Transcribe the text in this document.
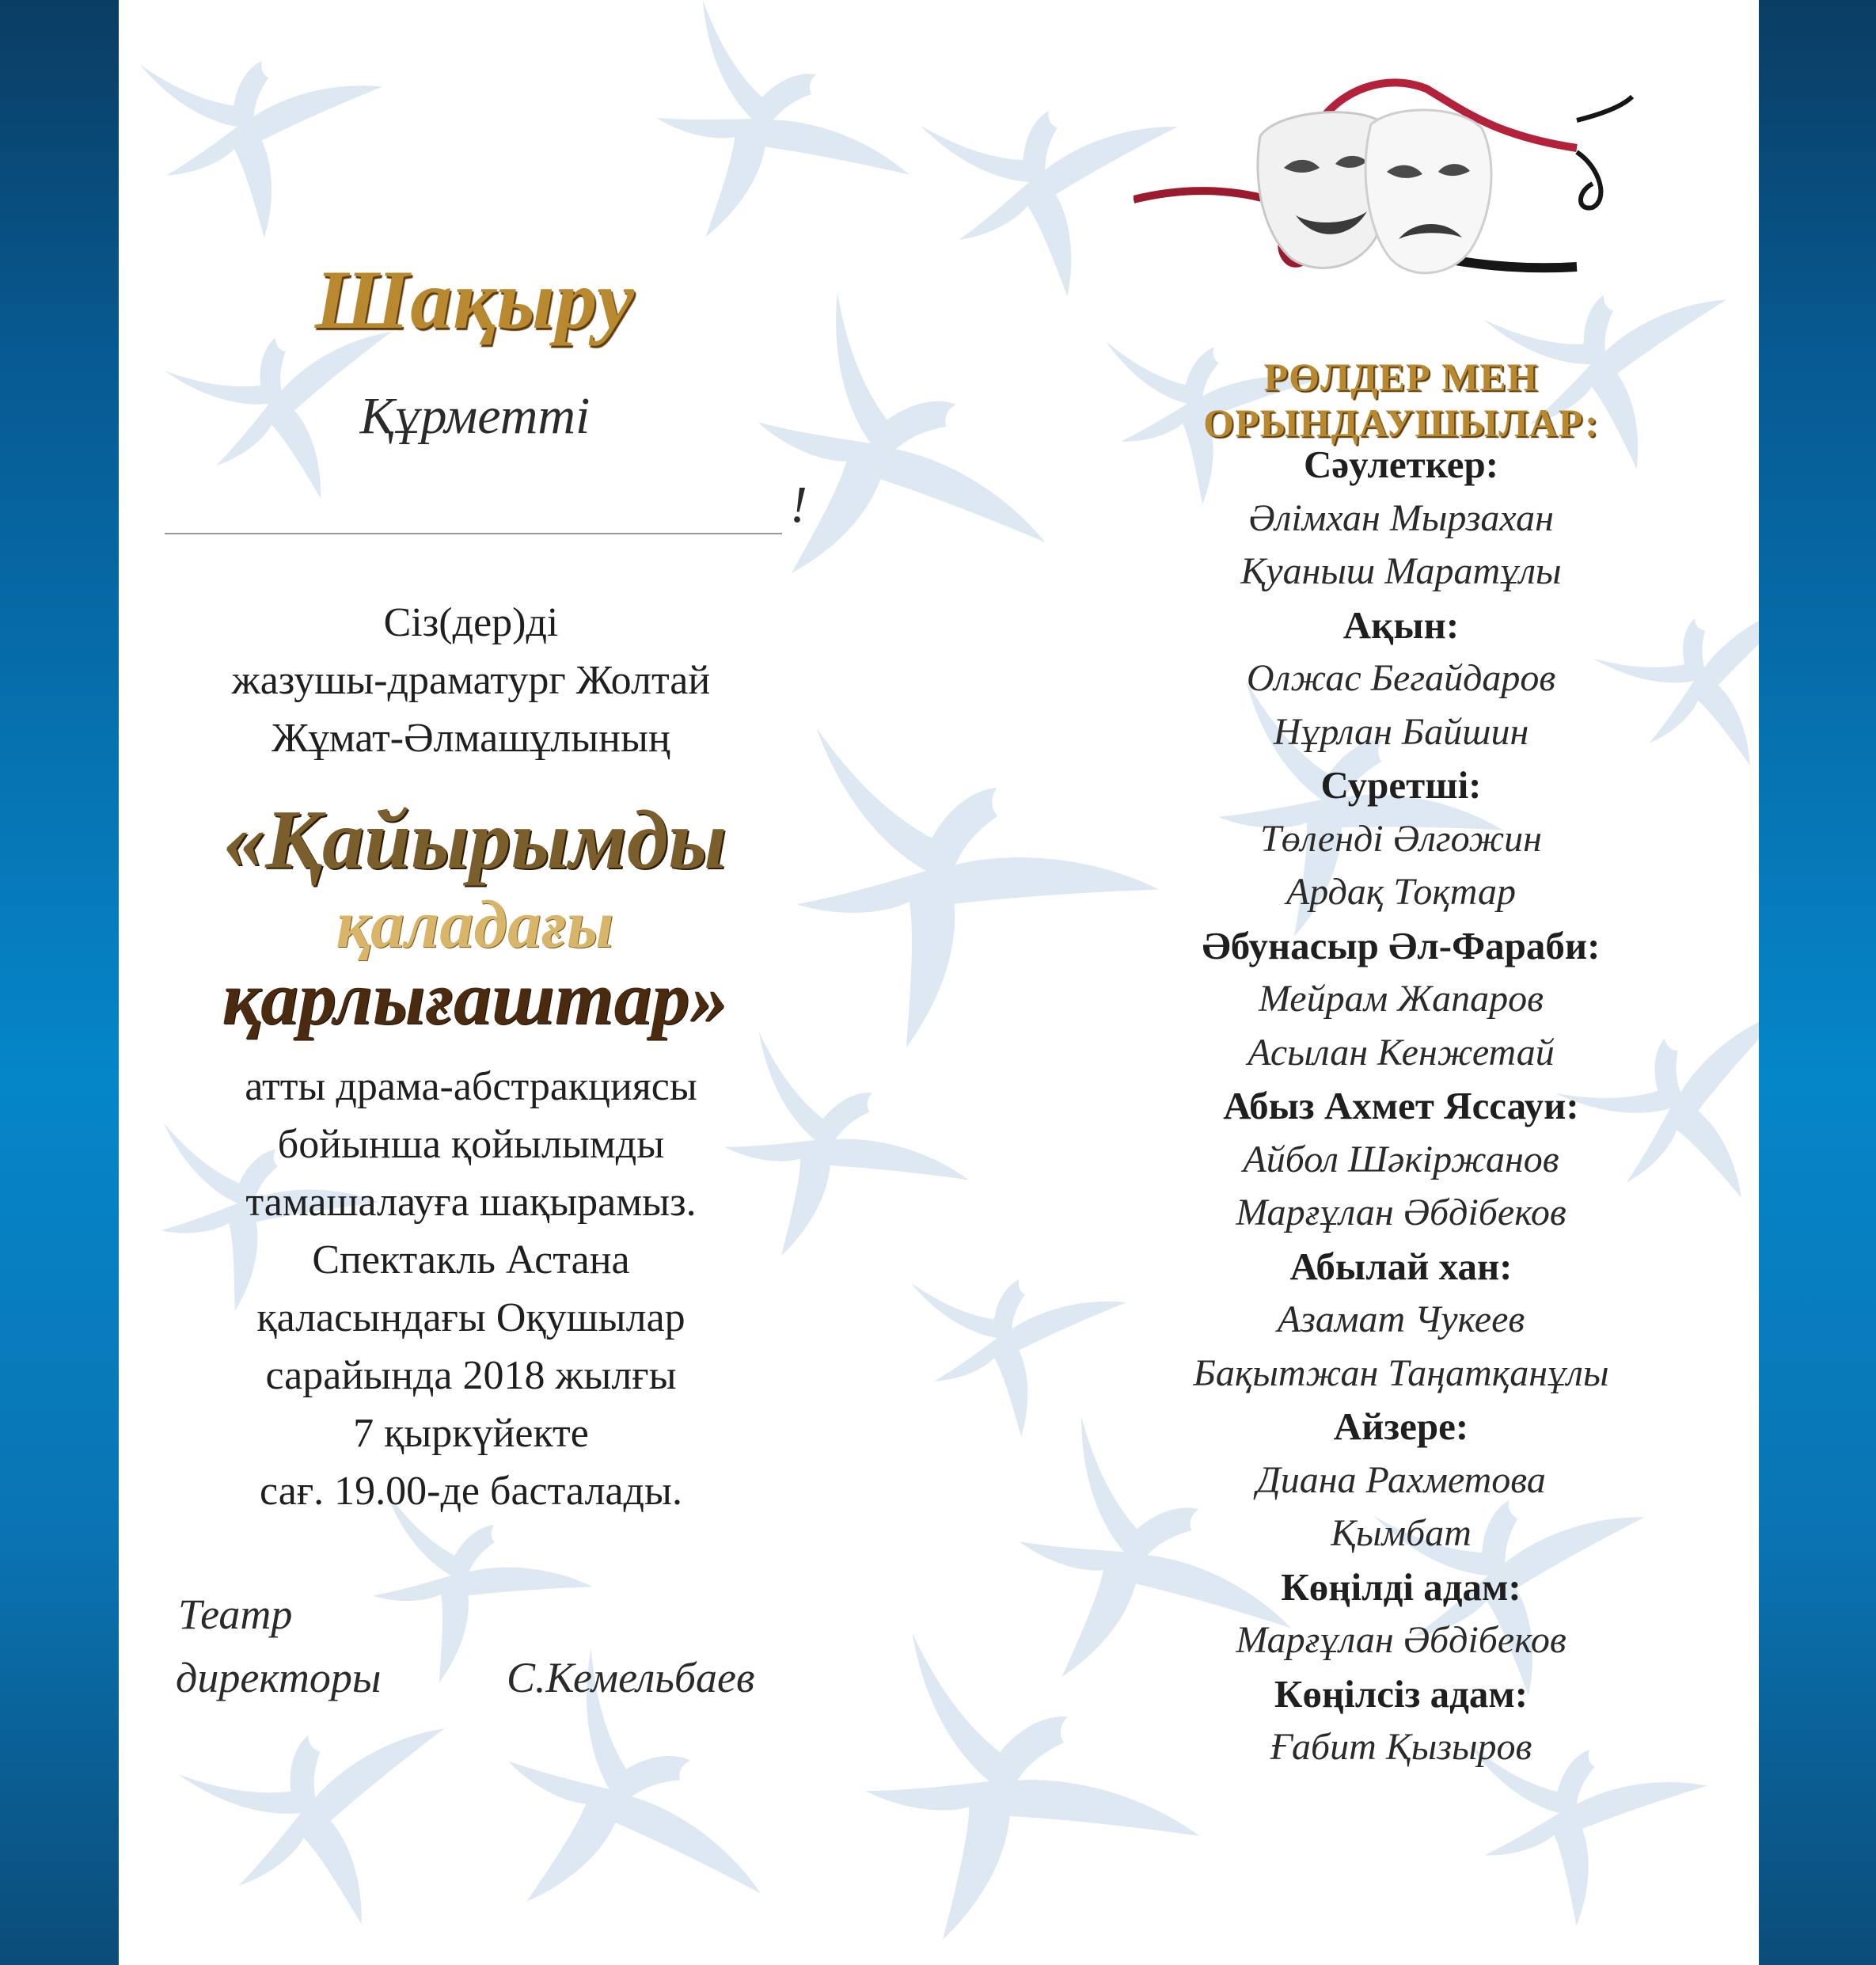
Шақыру
Құрметті
!
Сіз(дер)ді
жазушы-драматург Жолтай
Жұмат-Әлмашұлының
«Қайырымды
қаладағы
қарлығаштар»
атты драма-абстракциясы
бойынша қойылымды
тамашалауға шақырамыз.
Спектакль Астана
қаласындағы Оқушылар
сарайында 2018 жылғы
7 қыркүйекте
сағ. 19.00-де басталады.
Театр
директоры	С.Кемельбаев
РӨЛДЕР МЕН ОРЫНДАУШЫЛАР:
Сәулеткер:
Әлімхан Мырзахан
Қуаныш Маратұлы
Ақын:
Олжас Бегайдаров
Нұрлан Байшин
Суретші:
Төленді Әлгожин
Ардақ Тоқтар
Әбунасыр Әл-Фараби:
Мейрам Жапаров
Асылан Кенжетай
Абыз Ахмет Яссауи:
Айбол Шәкіржанов
Марғұлан Әбдібеков
Абылай хан:
Азамат Чукеев
Бақытжан Таңатқанұлы
Айзере:
Диана Рахметова
Қымбат
Көңілді адам:
Марғұлан Әбдібеков
Көңілсіз адам:
Ғабит Қызыров
